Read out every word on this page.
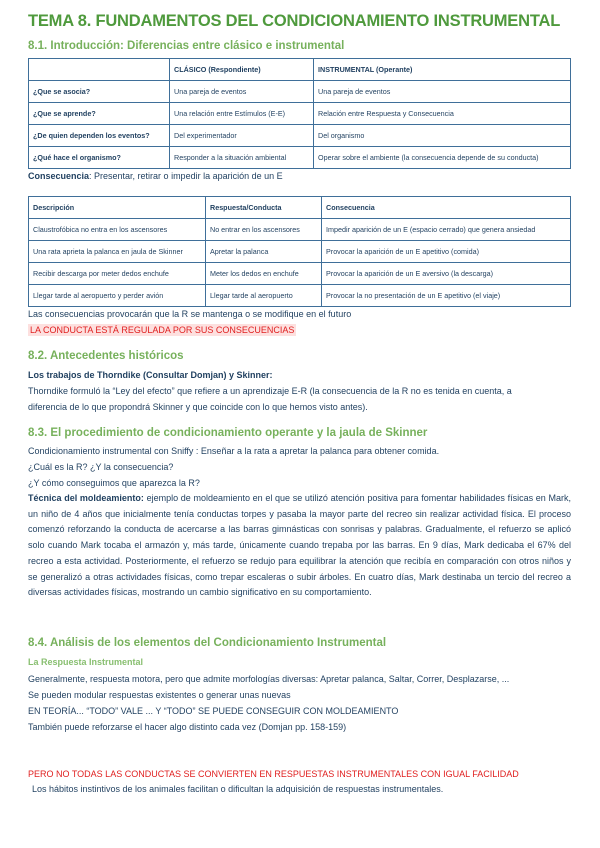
TEMA 8. FUNDAMENTOS DEL CONDICIONAMIENTO INSTRUMENTAL
8.1. Introducción: Diferencias entre clásico e instrumental
	CLÁSICO (Respondiente)	INSTRUMENTAL (Operante)
¿Que se asocia?	Una pareja de eventos	Una pareja de eventos
¿Que se aprende?	Una relación entre Estímulos (E-E)	Relación entre Respuesta y Consecuencia
¿De quien dependen los eventos?	Del experimentador	Del organismo
¿Qué hace el organismo?	Responder a la situación ambiental	Operar sobre el ambiente (la consecuencia depende de su conducta)

Consecuencia: Presentar, retirar o impedir la aparición de un E

Descripción	Respuesta/Conducta	Consecuencia
Claustrofóbica no entra en los ascensores	No entrar en los ascensores	Impedir aparición de un E (espacio cerrado) que genera ansiedad
Una rata aprieta la palanca en jaula de Skinner	Apretar la palanca	Provocar la aparición de un E apetitivo (comida)
Recibir descarga por meter dedos enchufe	Meter los dedos en enchufe	Provocar la aparición de un E aversivo (la descarga)
Llegar tarde al aeropuerto y perder avión	Llegar tarde al aeropuerto	Provocar la no presentación de un E apetitivo (el viaje)

Las consecuencias provocarán que la R se mantenga o se modifique en el futuro

LA CONDUCTA ESTÁ REGULADA POR SUS CONSECUENCIAS

8.2. Antecedentes históricos

Los trabajos de Thorndike (Consultar Domjan) y Skinner:

Thorndike formuló la “Ley del efecto” que refiere a un aprendizaje E-R (la consecuencia de la R no es tenida en cuenta, a

diferencia de lo que propondrá Skinner y que coincide con lo que hemos visto antes).

8.3. El procedimiento de condicionamiento operante y la jaula de Skinner

Condicionamiento instrumental con Sniffy : Enseñar a la rata a apretar la palanca para obtener comida.

¿Cuál es la R? ¿Y la consecuencia?

¿Y cómo conseguimos que aparezca la R?

Técnica del moldeamiento: ejemplo de moldeamiento en el que se utilizó atención positiva para fomentar habilidades físicas en Mark, un niño de 4 años que inicialmente tenía conductas torpes y pasaba la mayor parte del recreo sin realizar actividad física. El proceso comenzó reforzando la conducta de acercarse a las barras gimnásticas con sonrisas y palabras. Gradualmente, el refuerzo se aplicó solo cuando Mark tocaba el armazón y, más tarde, únicamente cuando trepaba por las barras. En 9 días, Mark dedicaba el 67% del recreo a esta actividad. Posteriormente, el refuerzo se redujo para equilibrar la atención que recibía en comparación con otros niños y se generalizó a otras actividades físicas, como trepar escaleras o subir árboles. En cuatro días, Mark destinaba un tercio del recreo a diversas actividades físicas, mostrando un cambio significativo en su comportamiento.

8.4. Análisis de los elementos del Condicionamiento Instrumental

La Respuesta Instrumental

Generalmente, respuesta motora, pero que admite morfologías diversas: Apretar palanca, Saltar, Correr, Desplazarse, ...

Se pueden modular respuestas existentes o generar unas nuevas

EN TEORÍA... “TODO” VALE ... Y “TODO” SE PUEDE CONSEGUIR CON MOLDEAMIENTO

También puede reforzarse el hacer algo distinto cada vez (Domjan pp. 158-159)

PERO NO TODAS LAS CONDUCTAS SE CONVIERTEN EN RESPUESTAS INSTRUMENTALES CON IGUAL FACILIDAD

Los hábitos instintivos de los animales facilitan o dificultan la adquisición de respuestas instrumentales.
